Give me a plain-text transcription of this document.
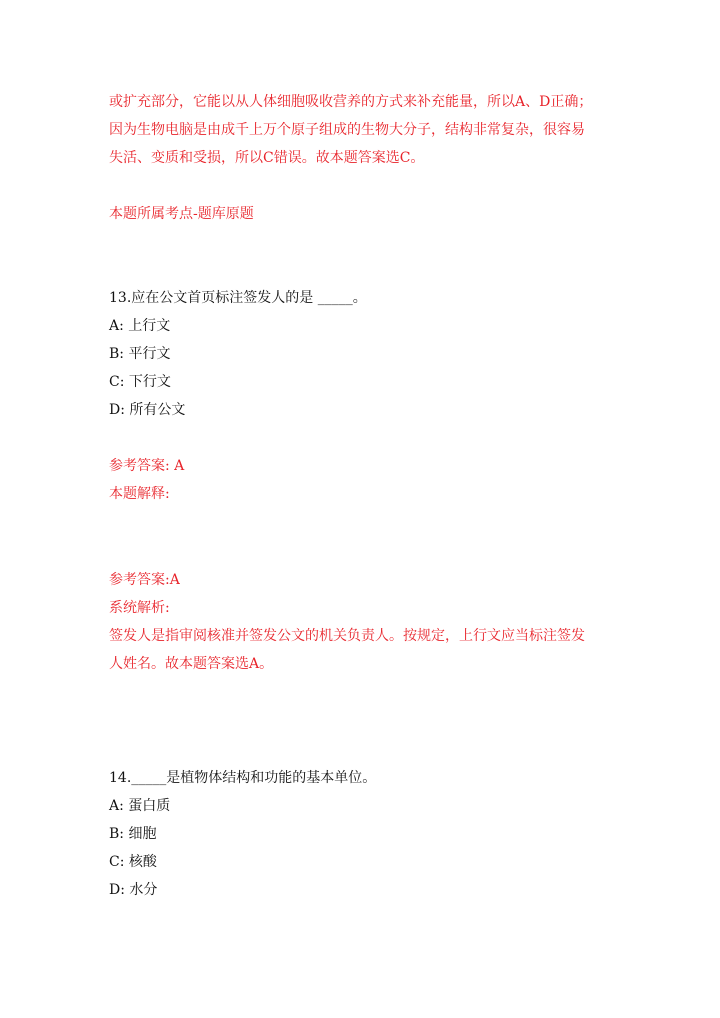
或扩充部分，它能以从人体细胞吸收营养的方式来补充能量，所以A、D正确；
因为生物电脑是由成千上万个原子组成的生物大分子，结构非常复杂，很容易
失活、变质和受损，所以C错误。故本题答案选C。
本题所属考点-题库原题
13.应在公文首页标注签发人的是 _____。
A: 上行文
B: 平行文
C: 下行文
D: 所有公文
参考答案: A
本题解释:
参考答案:A
系统解析:
签发人是指审阅核准并签发公文的机关负责人。按规定，上行文应当标注签发
人姓名。故本题答案选A。
14._____是植物体结构和功能的基本单位。
A: 蛋白质
B: 细胞
C: 核酸
D: 水分
